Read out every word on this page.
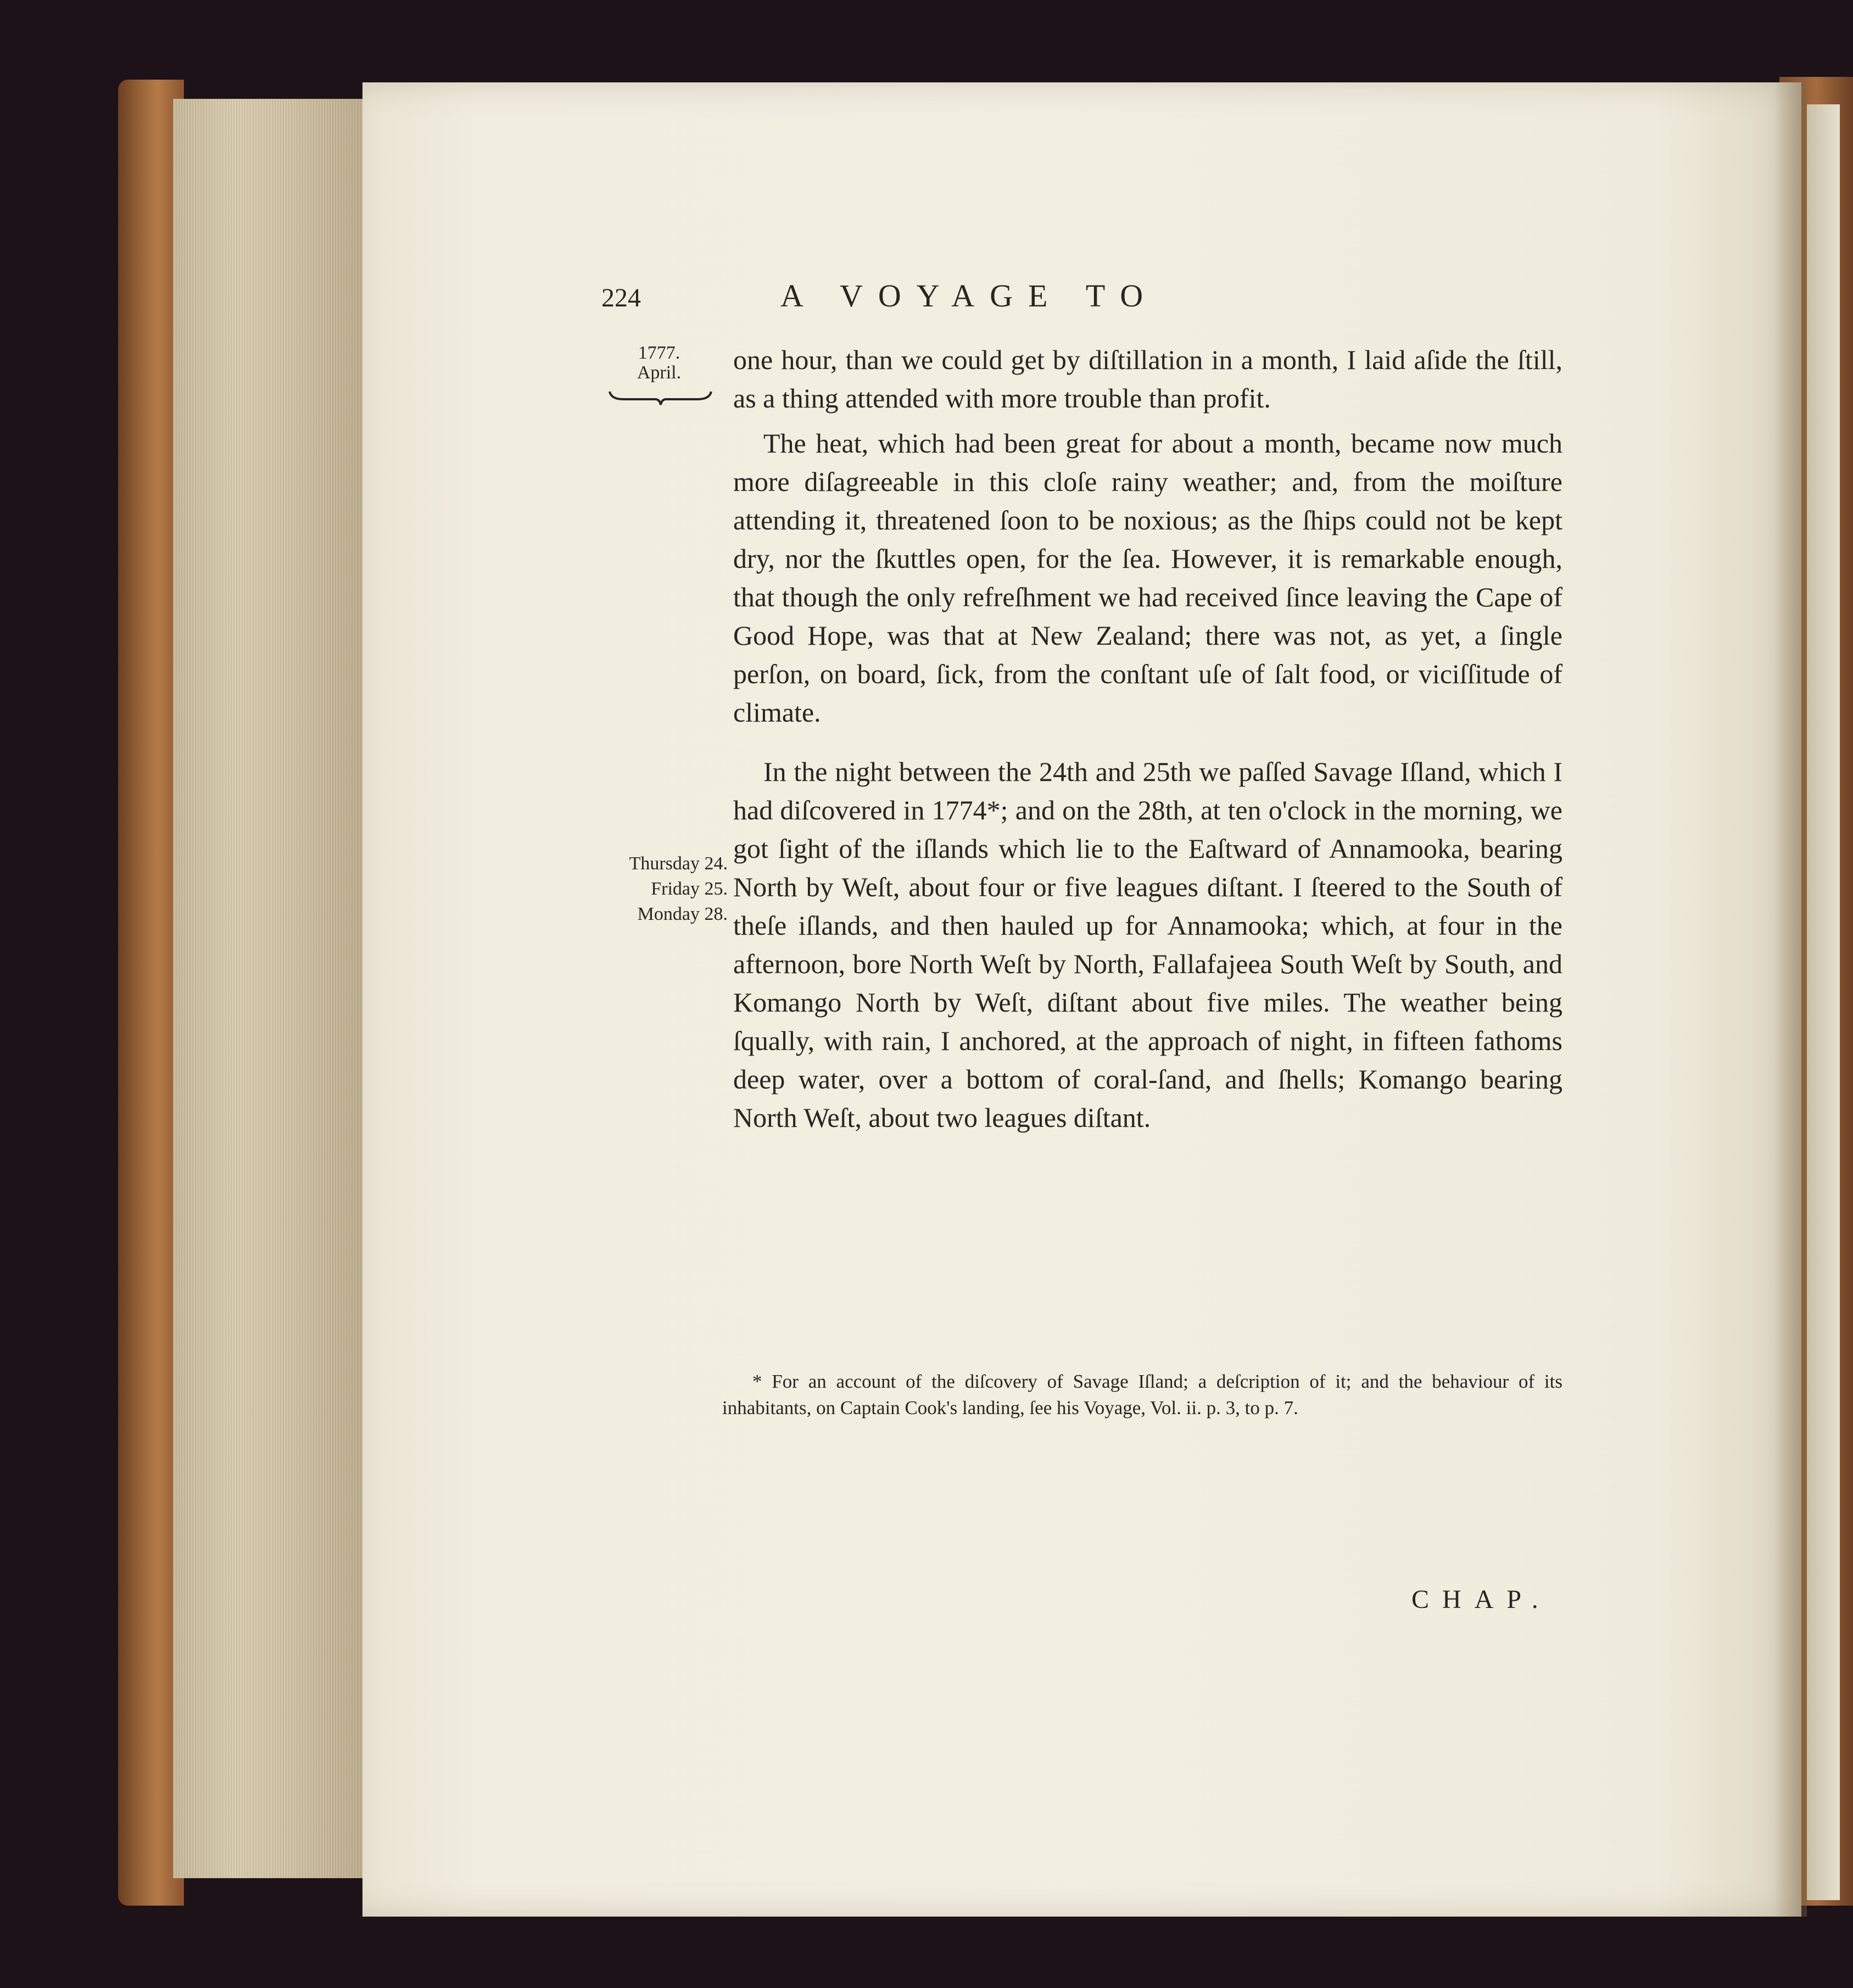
224	A VOYAGE TO
1777.
April.
Thursday 24.
Friday 25.
Monday 28.

one hour, than we could get by diſtillation in a month, I laid aſide the ſtill, as a thing attended with more trouble than profit.

The heat, which had been great for about a month, became now much more diſagreeable in this cloſe rainy weather; and, from the moiſture attending it, threatened ſoon to be noxious; as the ſhips could not be kept dry, nor the ſkuttles open, for the ſea. However, it is remarkable enough, that though the only refreſhment we had received ſince leaving the Cape of Good Hope, was that at New Zealand; there was not, as yet, a ſingle perſon, on board, ſick, from the conſtant uſe of ſalt food, or viciſſitude of climate.

In the night between the 24th and 25th we paſſed Savage Iſland, which I had diſcovered in 1774*; and on the 28th, at ten o'clock in the morning, we got ſight of the iſlands which lie to the Eaſtward of Annamooka, bearing North by Weſt, about four or five leagues diſtant. I ſteered to the South of theſe iſlands, and then hauled up for Annamooka; which, at four in the afternoon, bore North Weſt by North, Fallafajeea South Weſt by South, and Komango North by Weſt, diſtant about five miles. The weather being ſqually, with rain, I anchored, at the approach of night, in fifteen fathoms deep water, over a bottom of coral-ſand, and ſhells; Komango bearing North Weſt, about two leagues diſtant.

* For an account of the diſcovery of Savage Iſland; a deſcription of it; and the behaviour of its inhabitants, on Captain Cook's landing, ſee his Voyage, Vol. ii. p. 3, to p. 7.
CHAP.
